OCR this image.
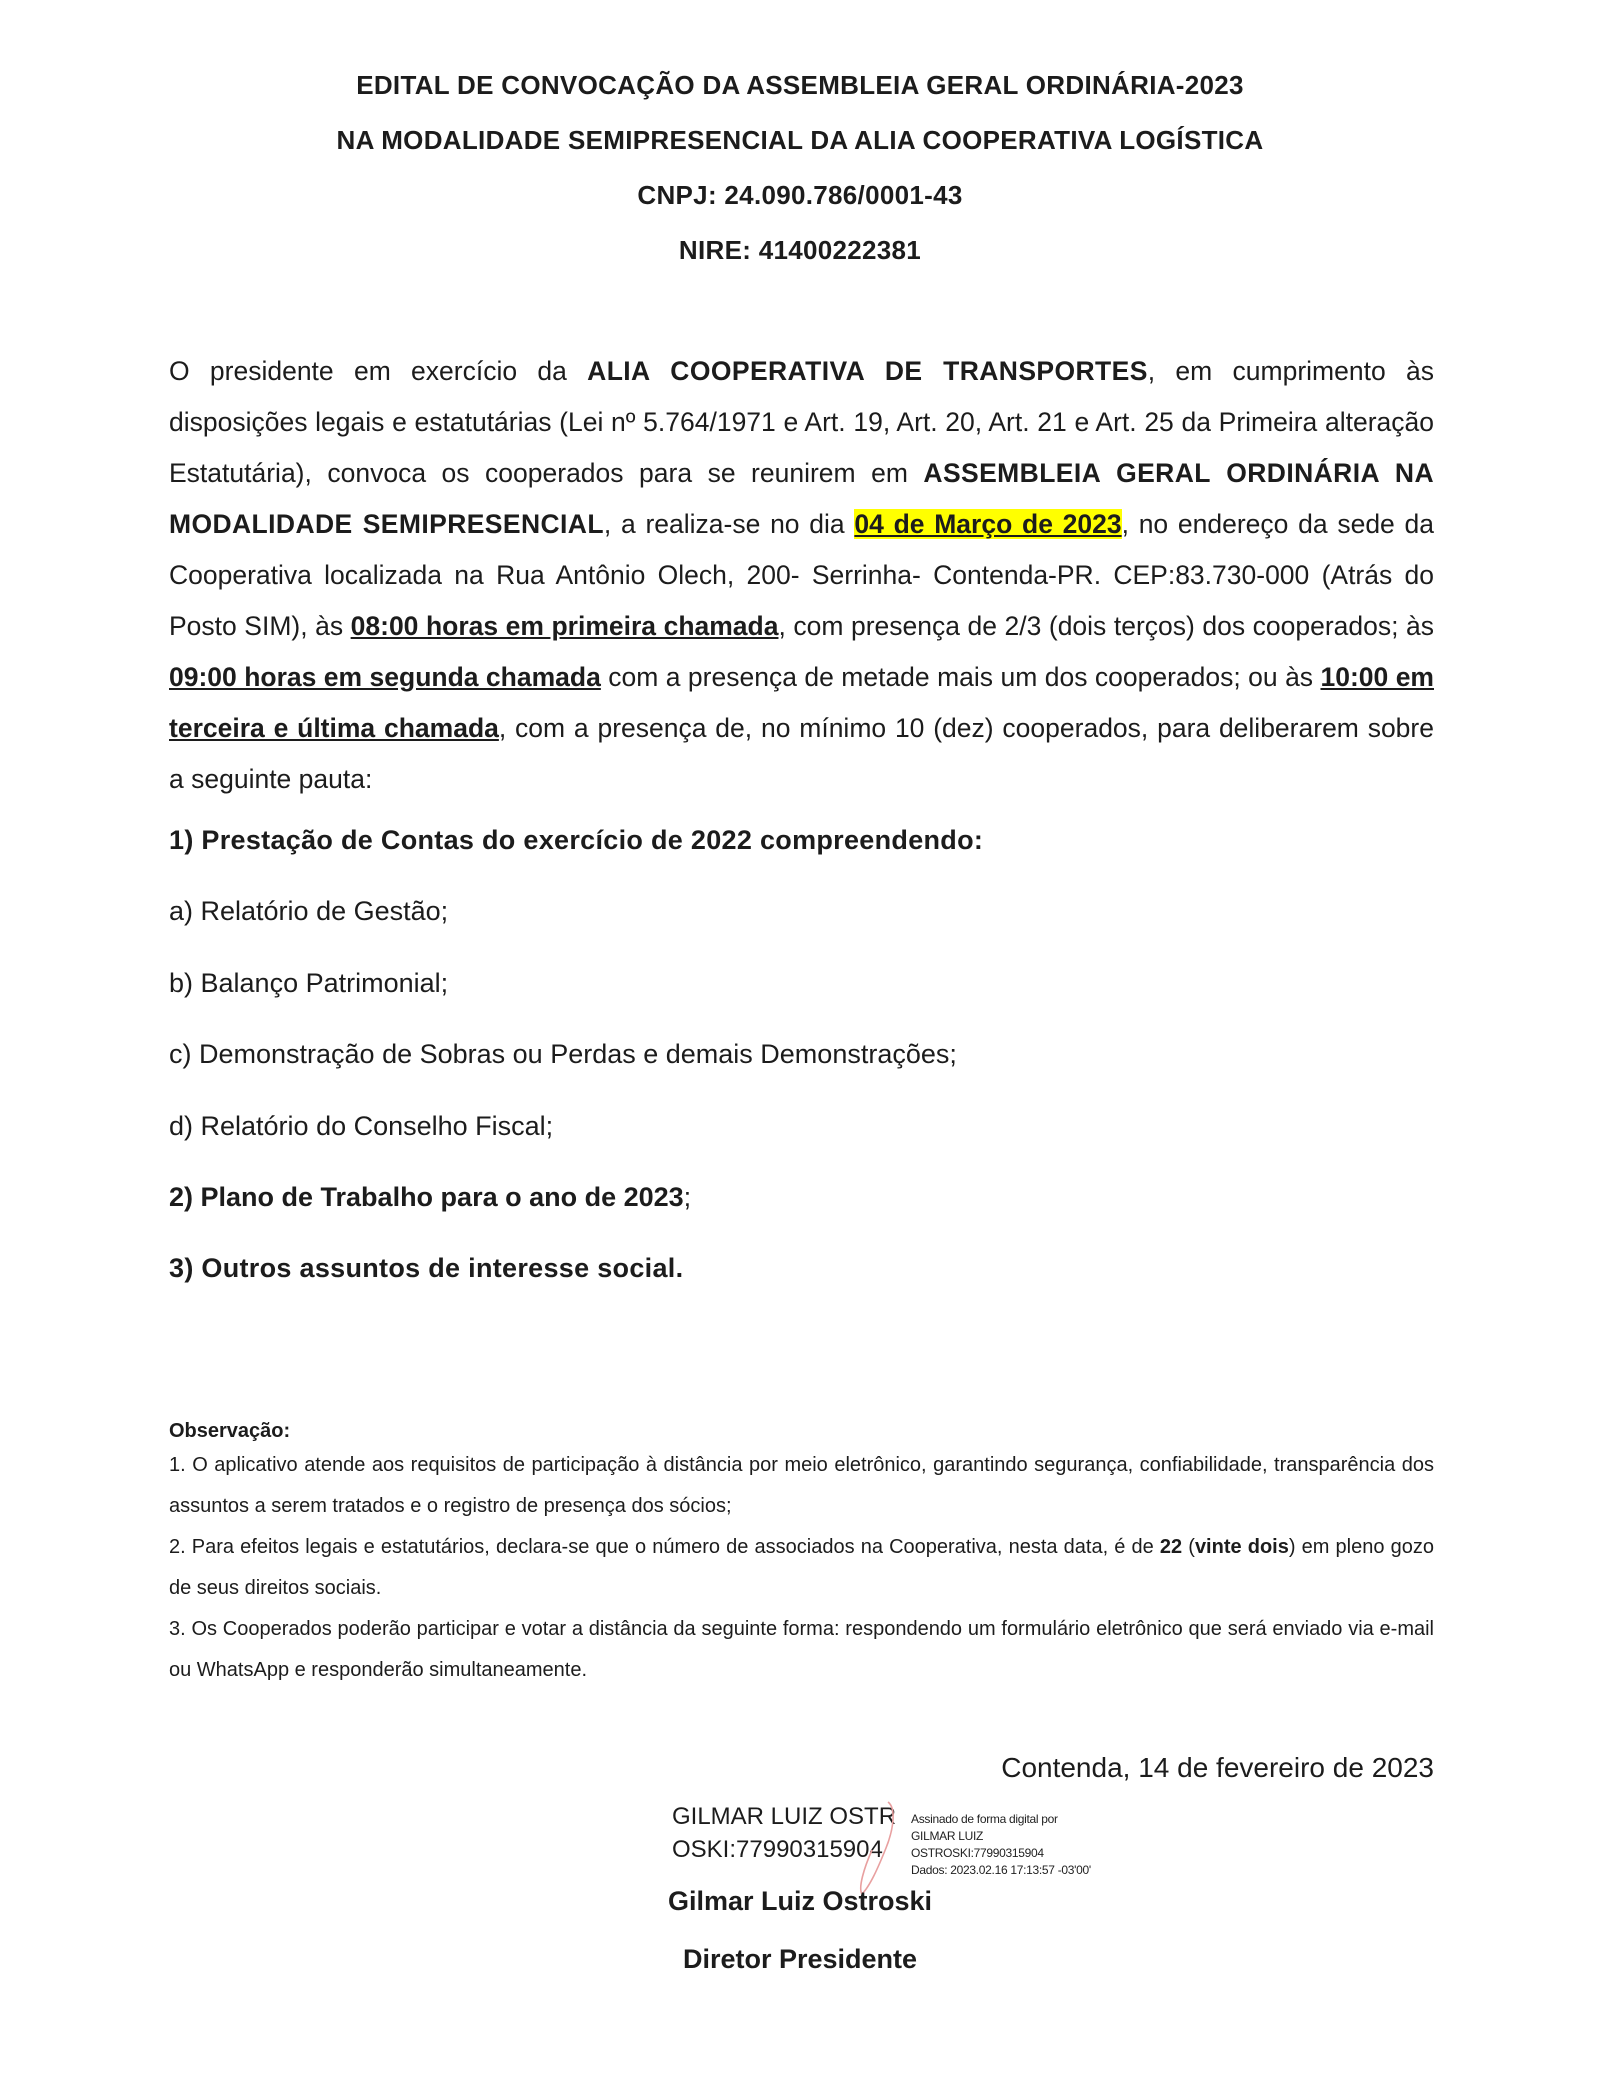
EDITAL DE CONVOCAÇÃO DA ASSEMBLEIA GERAL ORDINÁRIA-2023
NA MODALIDADE SEMIPRESENCIAL DA ALIA COOPERATIVA LOGÍSTICA
CNPJ: 24.090.786/0001-43
NIRE: 41400222381
O presidente em exercício da ALIA COOPERATIVA DE TRANSPORTES, em cumprimento às disposições legais e estatutárias (Lei nº 5.764/1971 e Art. 19, Art. 20, Art. 21 e Art. 25 da Primeira alteração Estatutária), convoca os cooperados para se reunirem em ASSEMBLEIA GERAL ORDINÁRIA NA MODALIDADE SEMIPRESENCIAL, a realiza-se no dia 04 de Março de 2023, no endereço da sede da Cooperativa localizada na Rua Antônio Olech, 200- Serrinha- Contenda-PR. CEP:83.730-000 (Atrás do Posto SIM), às 08:00 horas em primeira chamada, com presença de 2/3 (dois terços) dos cooperados; às 09:00 horas em segunda chamada com a presença de metade mais um dos cooperados; ou às 10:00 em terceira e última chamada, com a presença de, no mínimo 10 (dez) cooperados, para deliberarem sobre a seguinte pauta:
1) Prestação de Contas do exercício de 2022 compreendendo:
a) Relatório de Gestão;
b) Balanço Patrimonial;
c) Demonstração de Sobras ou Perdas e demais Demonstrações;
d) Relatório do Conselho Fiscal;
2) Plano de Trabalho para o ano de 2023;
3) Outros assuntos de interesse social.
Observação:
1. O aplicativo atende aos requisitos de participação à distância por meio eletrônico, garantindo segurança, confiabilidade, transparência dos assuntos a serem tratados e o registro de presença dos sócios;
2. Para efeitos legais e estatutários, declara-se que o número de associados na Cooperativa, nesta data, é de 22 (vinte dois) em pleno gozo de seus direitos sociais.
3. Os Cooperados poderão participar e votar a distância da seguinte forma: respondendo um formulário eletrônico que será enviado via e-mail ou WhatsApp e responderão simultaneamente.
Contenda, 14 de fevereiro de 2023
GILMAR LUIZ OSTROSKI:77990315904
Assinado de forma digital por
GILMAR LUIZ
OSTROSKI:77990315904
Dados: 2023.02.16 17:13:57 -03'00'
Gilmar Luiz Ostroski
Diretor Presidente
